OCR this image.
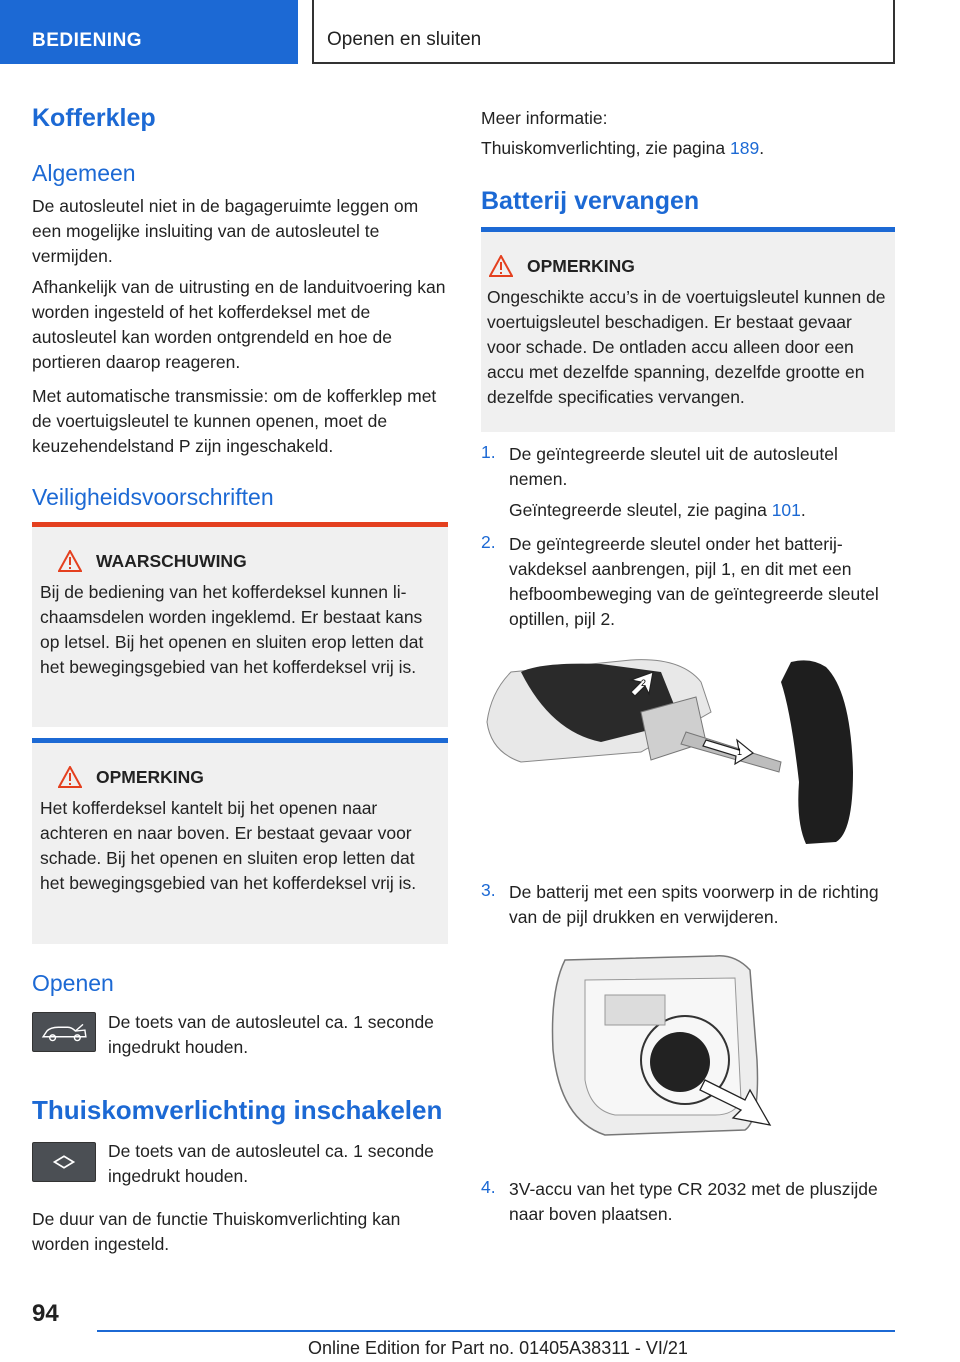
BEDIENING	Openen en sluiten
Kofferklep
Algemeen
De autosleutel niet in de bagageruimte leggen om een mogelijke insluiting van de autosleutel te vermijden.
Afhankelijk van de uitrusting en de landuitvoering kan worden ingesteld of het kofferdeksel met de autosleutel kan worden ontgrendeld en hoe de portieren daarop reageren.
Met automatische transmissie: om de kofferklep met de voertuigsleutel te kunnen openen, moet de keuzehendelstand P zijn ingeschakeld.
Veiligheidsvoorschriften
WAARSCHUWING
Bij de bediening van het kofferdeksel kunnen lichaamsdelen worden ingeklemd. Er bestaat kans op letsel. Bij het openen en sluiten erop letten dat het bewegingsgebied van het kofferdeksel vrij is.
OPMERKING
Het kofferdeksel kantelt bij het openen naar achteren en naar boven. Er bestaat gevaar voor schade. Bij het openen en sluiten erop letten dat het bewegingsgebied van het kofferdeksel vrij is.
Openen
De toets van de autosleutel ca. 1 seconde ingedrukt houden.
Thuiskomverlichting inschakelen
De toets van de autosleutel ca. 1 seconde ingedrukt houden.
De duur van de functie Thuiskomverlichting kan worden ingesteld.
Meer informatie:
Thuiskomverlichting, zie pagina 189.
Batterij vervangen
OPMERKING
Ongeschikte accu’s in de voertuigsleutel kunnen de voertuigsleutel beschadigen. Er bestaat gevaar voor schade. De ontladen accu alleen door een accu met dezelfde spanning, dezelfde grootte en dezelfde specificaties vervangen.
1. De geïntegreerde sleutel uit de autosleutel nemen.
Geïntegreerde sleutel, zie pagina 101.
2. De geïntegreerde sleutel onder het batterijvakdeksel aanbrengen, pijl 1, en dit met een hefboombeweging van de geïntegreerde sleutel optillen, pijl 2.
1
2
3. De batterij met een spits voorwerp in de richting van de pijl drukken en verwijderen.
4. 3V-accu van het type CR 2032 met de pluszijde naar boven plaatsen.
94
Online Edition for Part no. 01405A38311 - VI/21
